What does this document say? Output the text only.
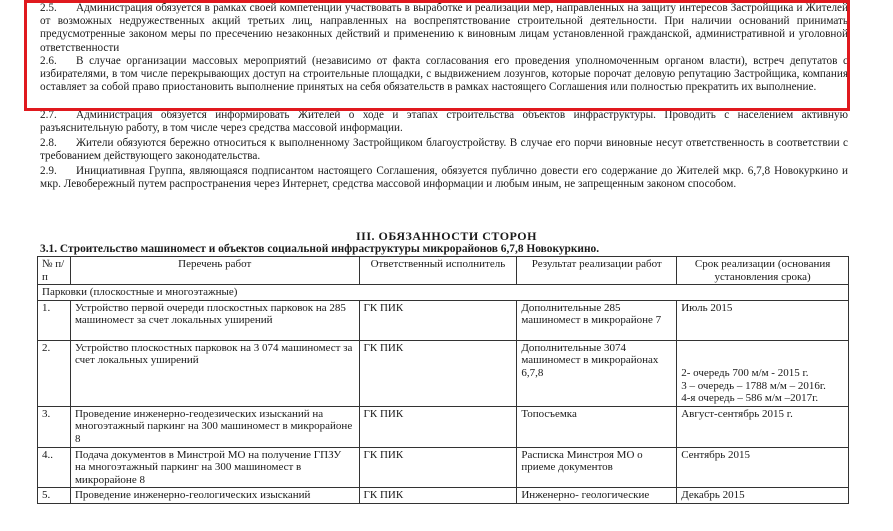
2.5. Администрация обязуется в рамках своей компетенции участвовать в выработке и реализации мер, направленных на защиту интересов Застройщика и Жителей от возможных недружественных акций третьих лиц, направленных на воспрепятствование строительной деятельности. При наличии оснований принимать предусмотренные законом меры по пресечению незаконных действий и применению к виновным лицам установленной гражданской, административной и уголовной ответственности
2.6. В случае организации массовых мероприятий (независимо от факта согласования его проведения уполномоченным органом власти), встреч депутатов с избирателями, в том числе перекрывающих доступ на строительные площадки, с выдвижением лозунгов, которые порочат деловую репутацию Застройщика, компания оставляет за собой право приостановить выполнение принятых на себя обязательств в рамках настоящего Соглашения или полностью прекратить их выполнение.
2.7. Администрация обязуется информировать Жителей о ходе и этапах строительства объектов инфраструктуры. Проводить с населением активную разъяснительную работу, в том числе через средства массовой информации.
2.8. Жители обязуются бережно относиться к выполненному Застройщиком благоустройству. В случае его порчи виновные несут ответственность в соответствии с требованием действующего законодательства.
2.9. Инициативная Группа, являющаяся подписантом настоящего Соглашения, обязуется публично довести его содержание до Жителей мкр. 6,7,8 Новокуркино и мкр. Левобережный путем распространения через Интернет, средства массовой информации и любым иным, не запрещенным законом способом.
III. ОБЯЗАННОСТИ СТОРОН
3.1. Строительство машиномест и объектов социальной инфраструктуры микрорайонов 6,7,8 Новокуркино.
№ п/п	Перечень работ	Ответственный исполнитель	Результат реализации работ	Срок реализации (основания установления срока)
Парковки (плоскостные и многоэтажные)				
1.	Устройство первой очереди плоскостных парковок на 285 машиномест за счет локальных уширений	ГК ПИК	Дополнительные 285 машиномест в микрорайоне 7	Июль 2015
2.	Устройство плоскостных парковок на 3 074 машиномест за счет локальных уширений	ГК ПИК	Дополнительные 3074 машиномест в микрорайонах 6,7,8	2- очередь 700 м/м - 2015 г.
3 – очередь – 1788 м/м – 2016г.
4-я очередь – 586 м/м –2017г.
3.	Проведение инженерно-геодезических изысканий на многоэтажный паркинг на 300 машиномест в микрорайоне 8	ГК ПИК	Топосъемка	Август-сентябрь 2015 г.
4..	Подача документов в Минстрой МО на получение ГПЗУ на многоэтажный паркинг на 300 машиномест в микрорайоне 8	ГК ПИК	Расписка Минстроя МО о приеме документов	Сентябрь 2015
5.	Проведение инженерно-геологических изысканий	ГК ПИК	Инженерно- геологические	Декабрь 2015
